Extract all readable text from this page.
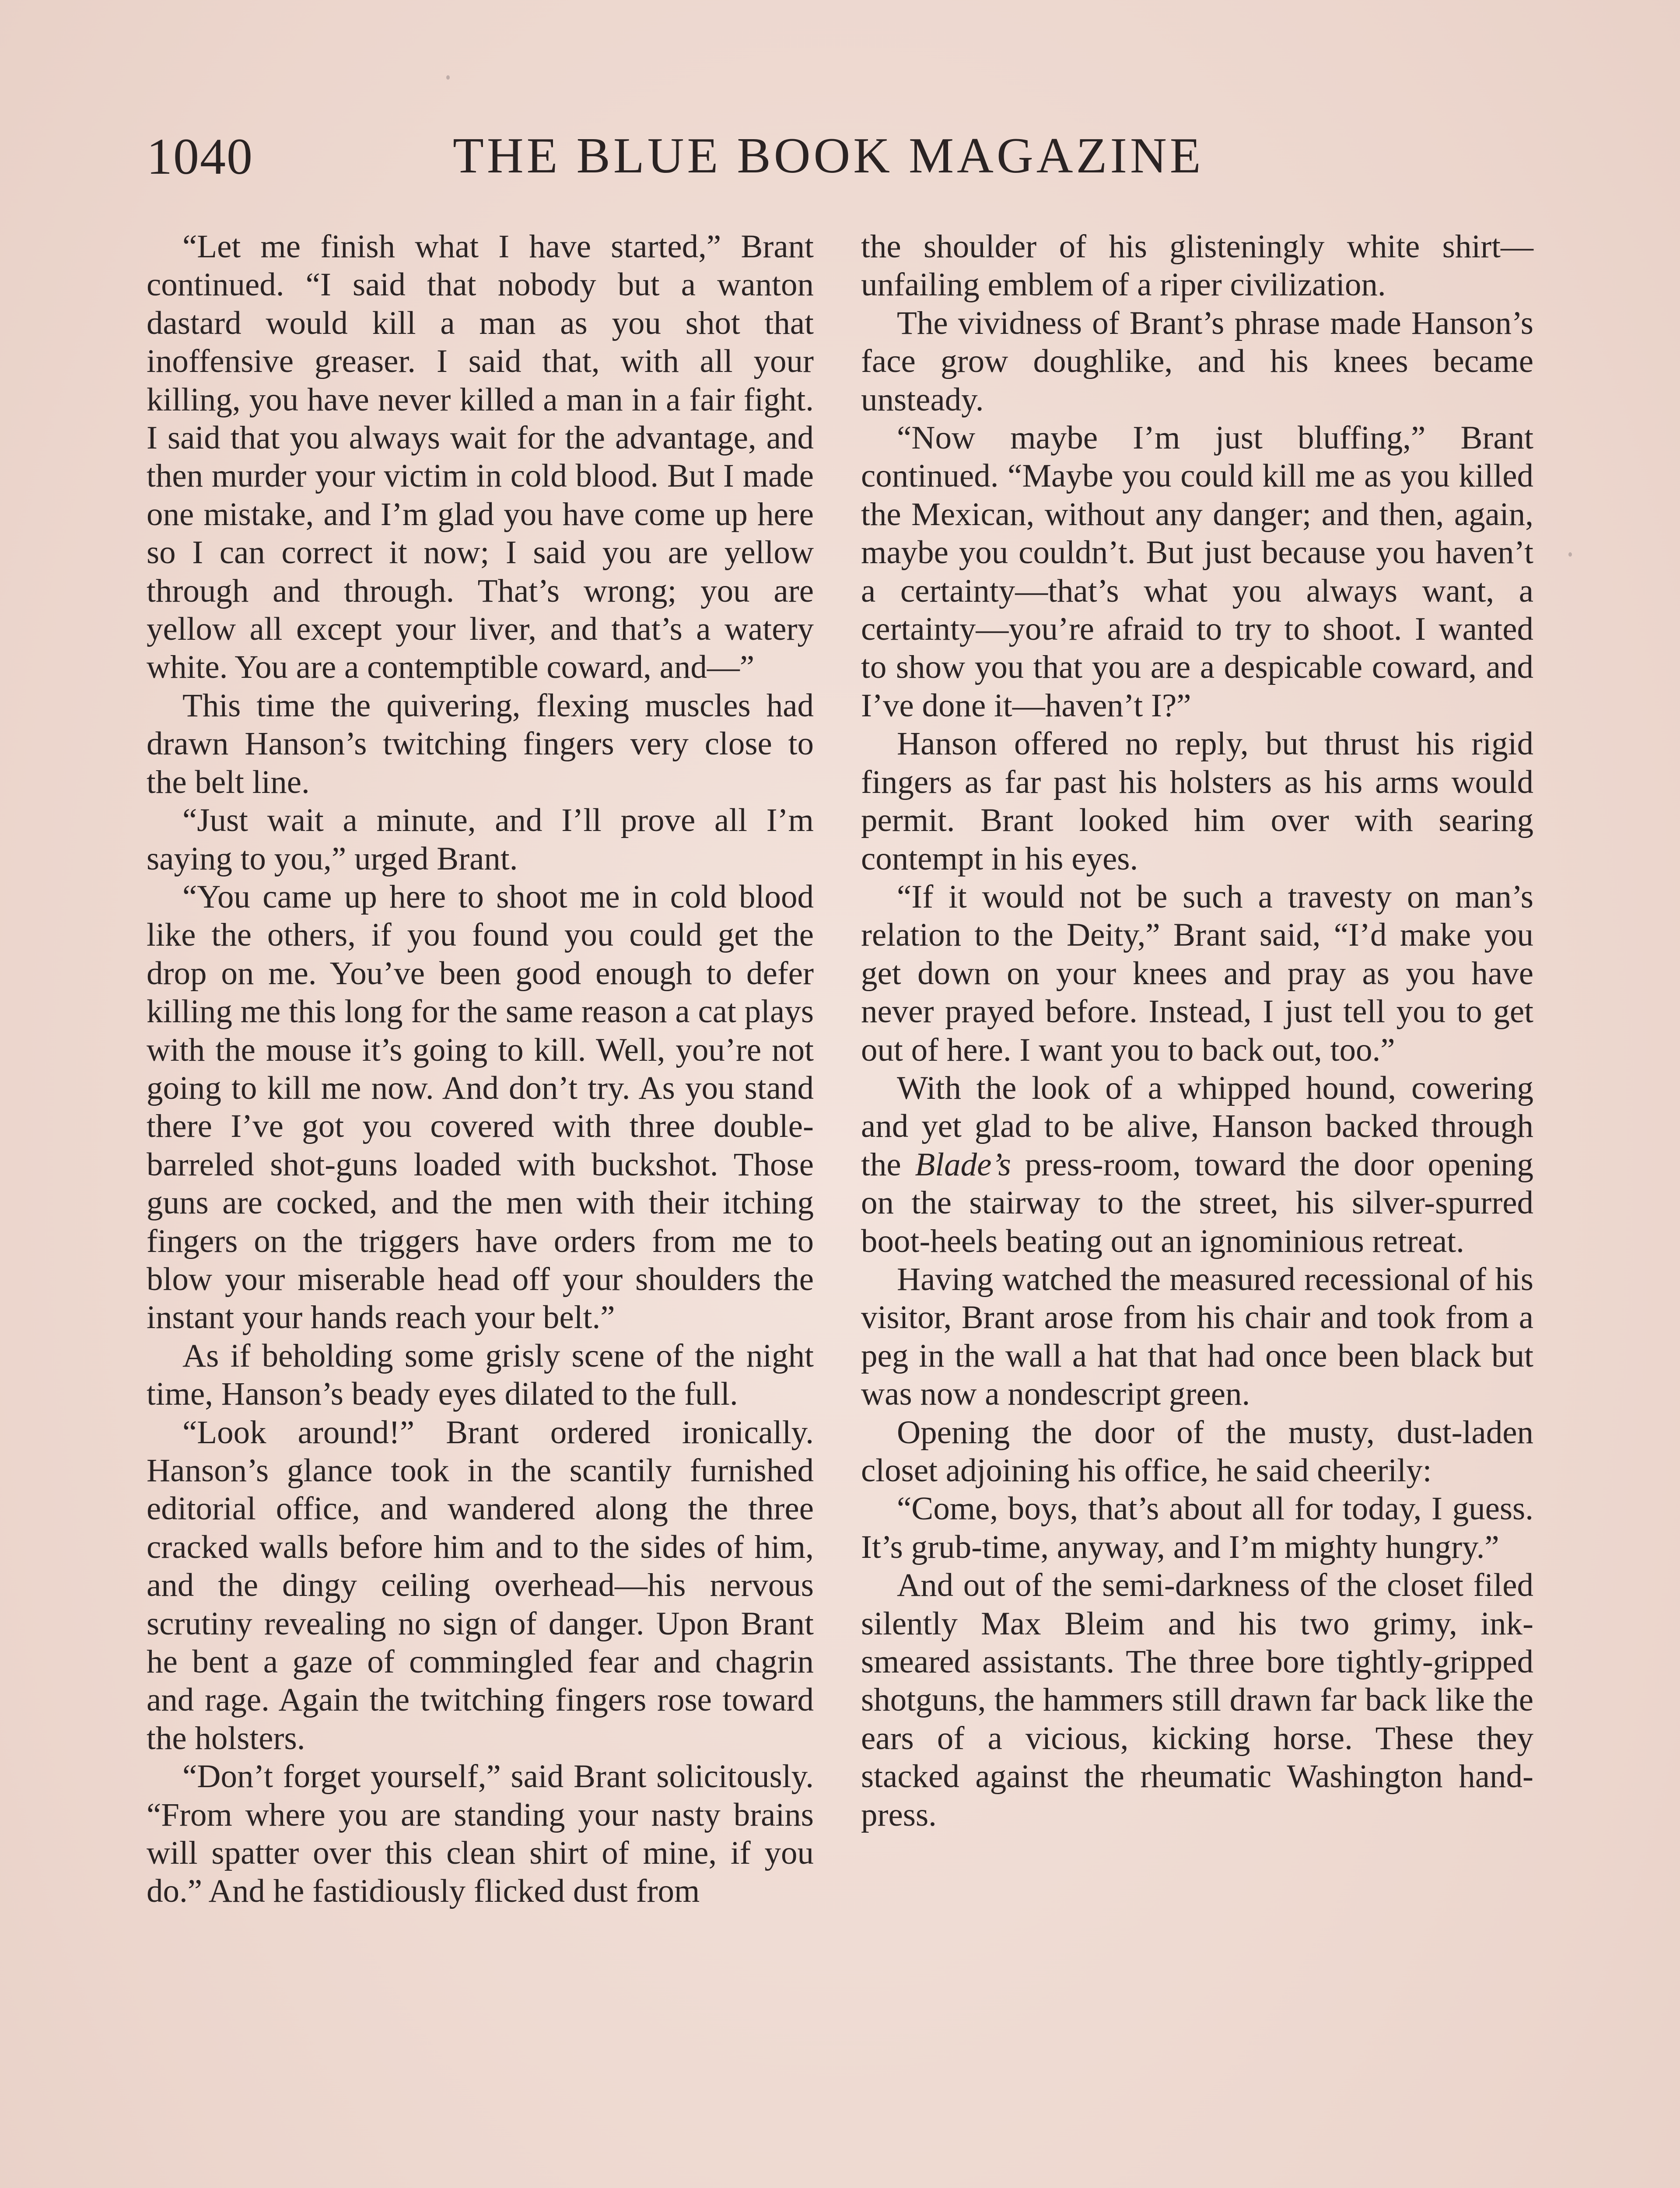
1040	THE BLUE BOOK MAGAZINE

“Let me finish what I have started,” Brant continued. “I said that nobody but a wanton dastard would kill a man as you shot that inoffensive greaser. I said that, with all your killing, you have never killed a man in a fair fight. I said that you always wait for the advantage, and then murder your victim in cold blood. But I made one mistake, and I’m glad you have come up here so I can correct it now; I said you are yellow through and through. That’s wrong; you are yellow all except your liver, and that’s a watery white. You are a contemptible coward, and—”

This time the quivering, flexing muscles had drawn Hanson’s twitching fingers very close to the belt line.

“Just wait a minute, and I’ll prove all I’m saying to you,” urged Brant.

“You came up here to shoot me in cold blood like the others, if you found you could get the drop on me. You’ve been good enough to defer killing me this long for the same reason a cat plays with the mouse it’s going to kill. Well, you’re not going to kill me now. And don’t try. As you stand there I’ve got you covered with three double-barreled shot-guns loaded with buckshot. Those guns are cocked, and the men with their itching fingers on the triggers have orders from me to blow your miserable head off your shoulders the instant your hands reach your belt.”

As if beholding some grisly scene of the night time, Hanson’s beady eyes dilated to the full.

“Look around!” Brant ordered ironically. Hanson’s glance took in the scantily furnished editorial office, and wandered along the three cracked walls before him and to the sides of him, and the dingy ceiling overhead—his nervous scrutiny revealing no sign of danger. Upon Brant he bent a gaze of commingled fear and chagrin and rage. Again the twitching fingers rose toward the holsters.

“Don’t forget yourself,” said Brant solicitously. “From where you are standing your nasty brains will spatter over this clean shirt of mine, if you do.” And he fastidiously flicked dust from

the shoulder of his glisteningly white shirt—unfailing emblem of a riper civilization.

The vividness of Brant’s phrase made Hanson’s face grow doughlike, and his knees became unsteady.

“Now maybe I’m just bluffing,” Brant continued. “Maybe you could kill me as you killed the Mexican, without any danger; and then, again, maybe you couldn’t. But just because you haven’t a certainty—that’s what you always want, a certainty—you’re afraid to try to shoot. I wanted to show you that you are a despicable coward, and I’ve done it—haven’t I?”

Hanson offered no reply, but thrust his rigid fingers as far past his holsters as his arms would permit. Brant looked him over with searing contempt in his eyes.

“If it would not be such a travesty on man’s relation to the Deity,” Brant said, “I’d make you get down on your knees and pray as you have never prayed before. Instead, I just tell you to get out of here. I want you to back out, too.”

With the look of a whipped hound, cowering and yet glad to be alive, Hanson backed through the Blade’s press-room, toward the door opening on the stairway to the street, his silver-spurred boot-heels beating out an ignominious retreat.

Having watched the measured recessional of his visitor, Brant arose from his chair and took from a peg in the wall a hat that had once been black but was now a nondescript green.

Opening the door of the musty, dust-laden closet adjoining his office, he said cheerily:

“Come, boys, that’s about all for today, I guess. It’s grub-time, anyway, and I’m mighty hungry.”

And out of the semi-darkness of the closet filed silently Max Bleim and his two grimy, ink-smeared assistants. The three bore tightly-gripped shotguns, the hammers still drawn far back like the ears of a vicious, kicking horse. These they stacked against the rheumatic Washington hand-press.
